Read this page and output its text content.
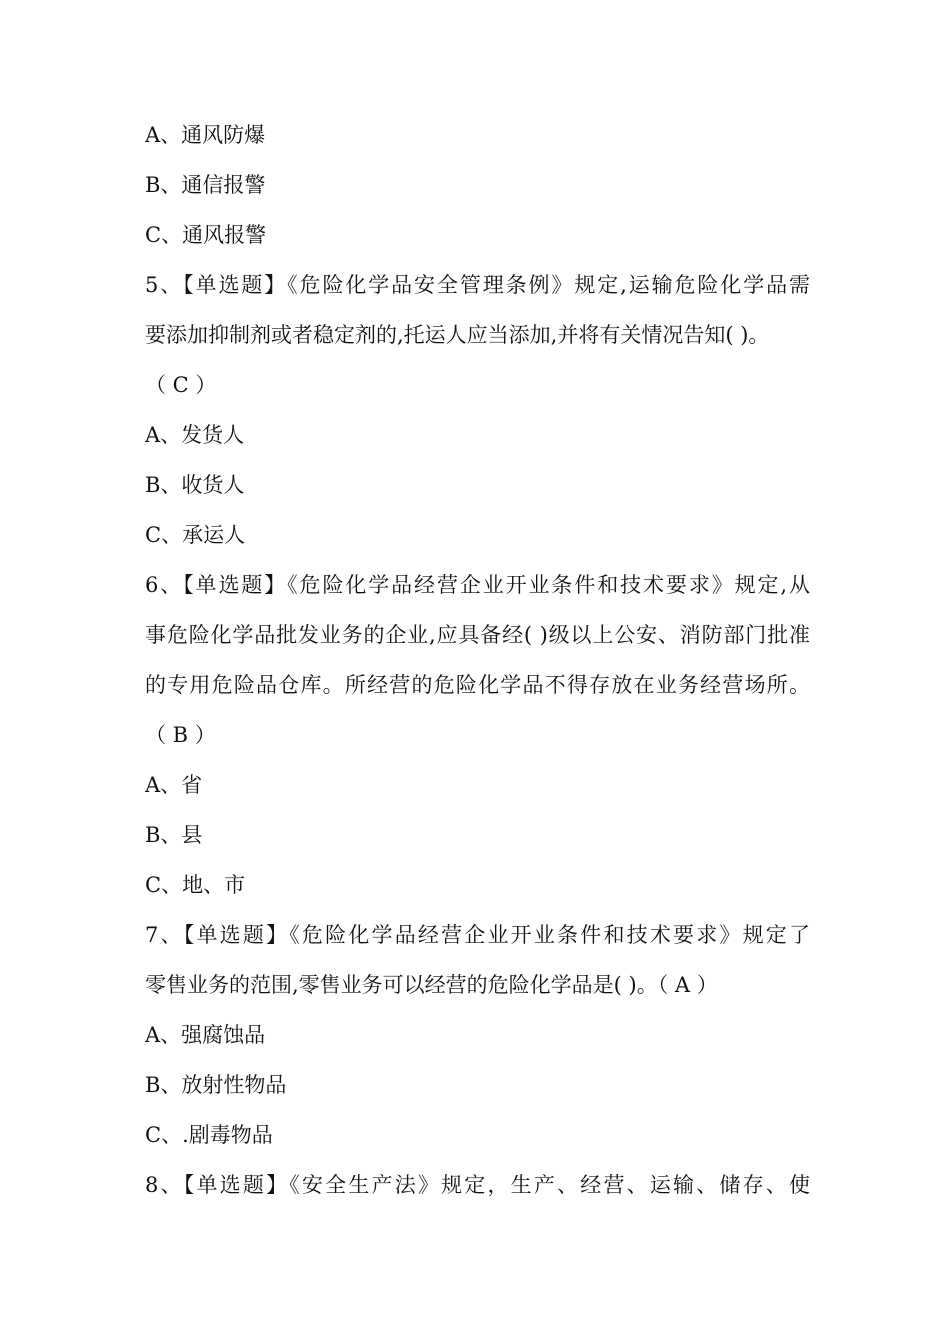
A、通风防爆
B、通信报警
C、通风报警
5、【单选题】《危险化学品安全管理条例》规定,运输危险化学品需
要添加抑制剂或者稳定剂的,托运人应当添加,并将有关情况告知( )。
（ C ）
A、发货人
B、收货人
C、承运人
6、【单选题】《危险化学品经营企业开业条件和技术要求》规定,从
事危险化学品批发业务的企业,应具备经( )级以上公安、消防部门批准
的专用危险品仓库。所经营的危险化学品不得存放在业务经营场所。
（ B ）
A、省
B、县
C、地、市
7、【单选题】《危险化学品经营企业开业条件和技术要求》规定了
零售业务的范围,零售业务可以经营的危险化学品是( )。（ A ）
A、强腐蚀品
B、放射性物品
C、.剧毒物品
8、【单选题】《安全生产法》规定，生产、经营、运输、储存、使
